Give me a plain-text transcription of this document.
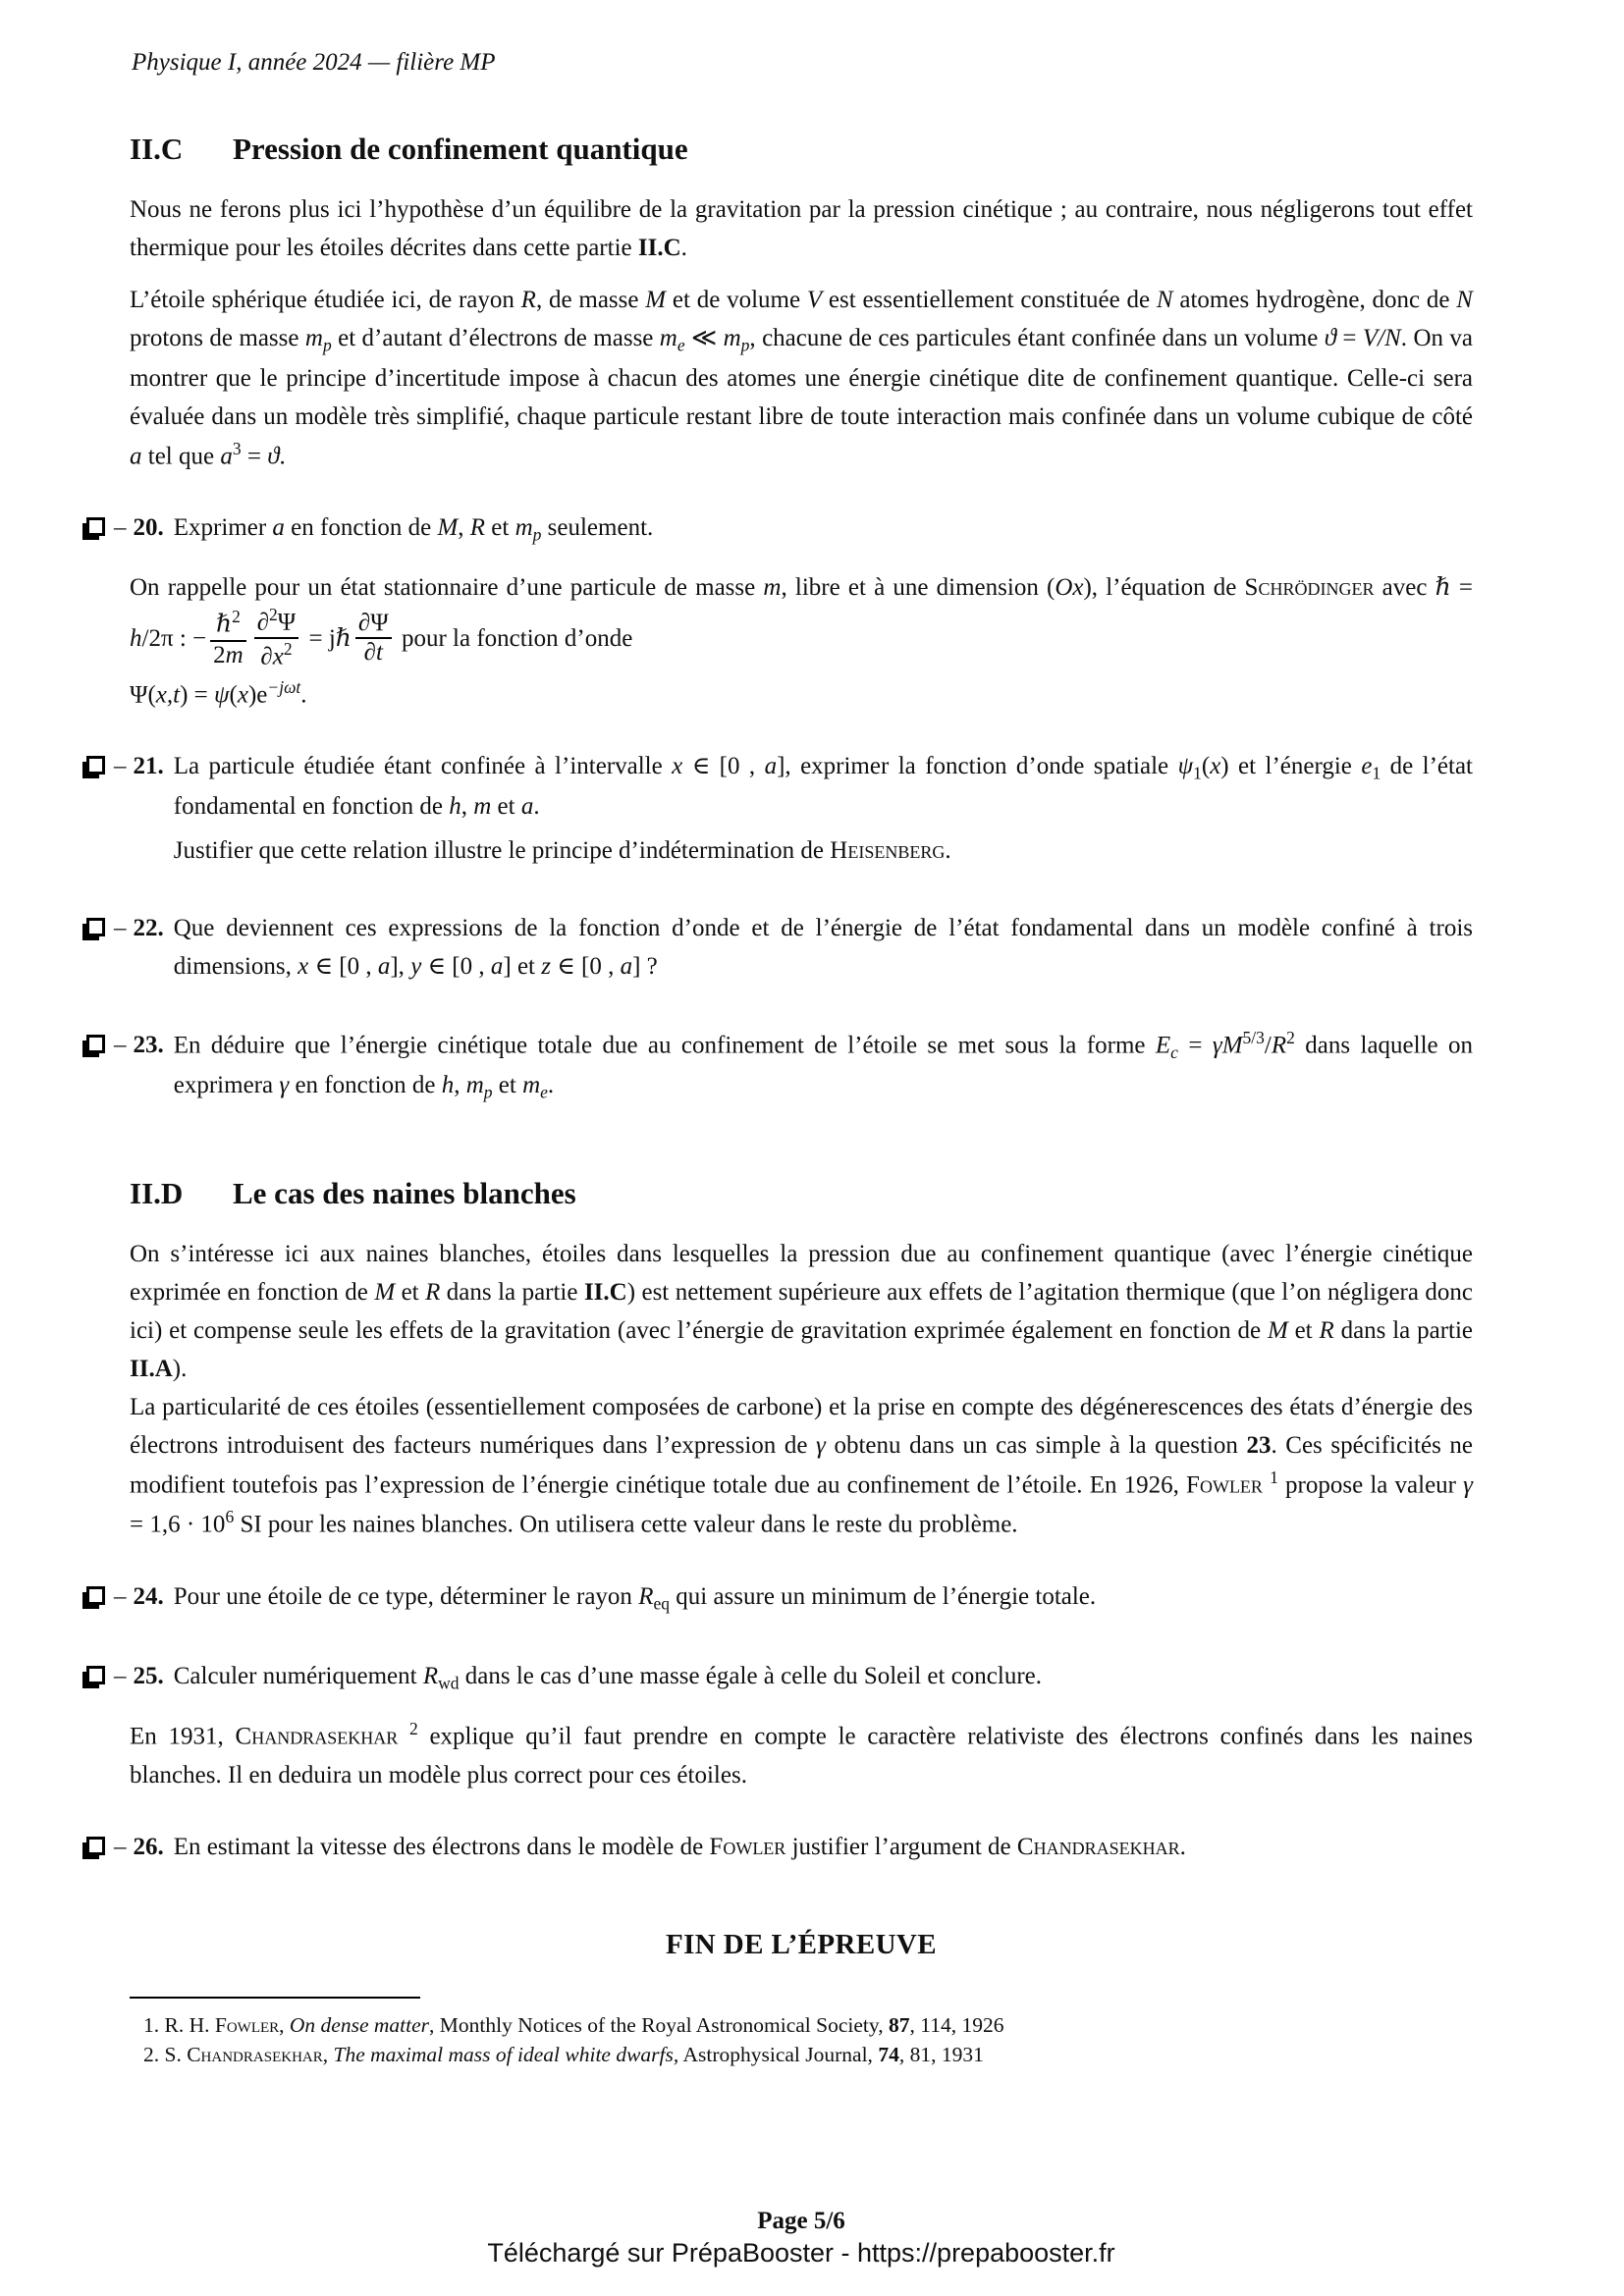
Physique I, année 2024 — filière MP
II.C	Pression de confinement quantique

Nous ne ferons plus ici l’hypothèse d’un équilibre de la gravitation par la pression cinétique ; au contraire, nous négligerons tout effet thermique pour les étoiles décrites dans cette partie II.C.

L’étoile sphérique étudiée ici, de rayon R, de masse M et de volume V est essentiellement constituée de N atomes hydrogène, donc de N protons de masse $m_p$ et d’autant d’électrons de masse $m_e$ ≪ $m_p$, chacune de ces particules étant confinée dans un volume ϑ = V/N. On va montrer que le principe d’incertitude impose à chacun des atomes une énergie cinétique dite de confinement quantique. Celle-ci sera évaluée dans un modèle très simplifié, chaque particule restant libre de toute interaction mais confinée dans un volume cubique de côté a tel que $a^3 = ϑ$.

– 20. Exprimer a en fonction de M, R et $m_p$ seulement.

On rappelle pour un état stationnaire d’une particule de masse m, libre et à une dimension (Ox), l’équation de Schrödinger avec ℏ = h/2π : − $\frac{\hbar^2}{2m} \frac{\partial^2\Psi}{\partial x^2}$ = jℏ $\frac{\partial\Psi}{\partial t}$ pour la fonction d’onde
$\Psi(x,t) = \psi(x)e^{-j\omega t}$.

– 21. La particule étudiée étant confinée à l’intervalle x ∈ [0 , a], exprimer la fonction d’onde spatiale $\psi_1(x)$ et l’énergie $e_1$ de l’état fondamental en fonction de h, m et a.
Justifier que cette relation illustre le principe d’indétermination de Heisenberg.
– 22. Que deviennent ces expressions de la fonction d’onde et de l’énergie de l’état fondamental dans un modèle confiné à trois dimensions, x ∈ [0 , a], y ∈ [0 , a] et z ∈ [0 , a] ?
– 23. En déduire que l’énergie cinétique totale due au confinement de l’étoile se met sous la forme $E_c = \gamma M^{5/3}/R^2$ dans laquelle on exprimera γ en fonction de h, $m_p$ et $m_e$.
II.D	Le cas des naines blanches

On s’intéresse ici aux naines blanches, étoiles dans lesquelles la pression due au confinement quantique (avec l’énergie cinétique exprimée en fonction de M et R dans la partie II.C) est nettement supérieure aux effets de l’agitation thermique (que l’on négligera donc ici) et compense seule les effets de la gravitation (avec l’énergie de gravitation exprimée également en fonction de M et R dans la partie II.A).

La particularité de ces étoiles (essentiellement composées de carbone) et la prise en compte des dégénerescences des états d’énergie des électrons introduisent des facteurs numériques dans l’expression de γ obtenu dans un cas simple à la question 23. Ces spécificités ne modifient toutefois pas l’expression de l’énergie cinétique totale due au confinement de l’étoile. En 1926, Fowler $^1$ propose la valeur $\gamma = 1,6 \cdot 10^6$ SI pour les naines blanches. On utilisera cette valeur dans le reste du problème.

– 24. Pour une étoile de ce type, déterminer le rayon $R_{eq}$ qui assure un minimum de l’énergie totale.
– 25. Calculer numériquement $R_{wd}$ dans le cas d’une masse égale à celle du Soleil et conclure.

En 1931, Chandrasekhar $^2$ explique qu’il faut prendre en compte le caractère relativiste des électrons confinés dans les naines blanches. Il en deduira un modèle plus correct pour ces étoiles.

– 26. En estimant la vitesse des électrons dans le modèle de Fowler justifier l’argument de Chandrasekhar.
FIN DE L’ÉPREUVE
1. R. H. Fowler, On dense matter, Monthly Notices of the Royal Astronomical Society, 87, 114, 1926
2. S. Chandrasekhar, The maximal mass of ideal white dwarfs, Astrophysical Journal, 74, 81, 1931
Page 5/6
Téléchargé sur PrépaBooster - https://prepabooster.fr
